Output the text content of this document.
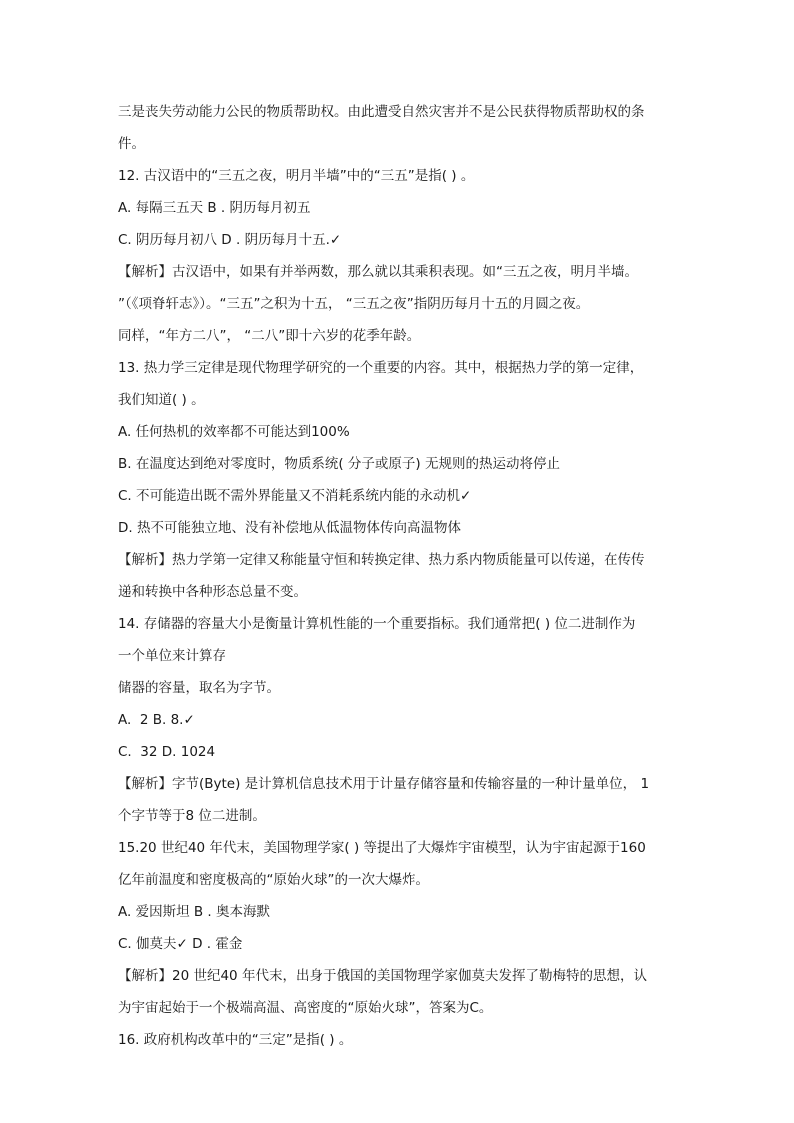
三是丧失劳动能力公民的物质帮助权。由此遭受自然灾害并不是公民获得物质帮助权的条
件。
12. 古汉语中的“三五之夜，明月半墙”中的“三五”是指( ) 。
A. 每隔三五天 B . 阴历每月初五
C. 阴历每月初八 D . 阴历每月十五.✓
【解析】古汉语中，如果有并举两数，那么就以其乘积表现。如“三五之夜，明月半墙。
”（《项脊轩志》）。“三五”之积为十五， “三五之夜”指阴历每月十五的月圆之夜。
同样，“年方二八”， “二八”即十六岁的花季年龄。
13. 热力学三定律是现代物理学研究的一个重要的内容。其中，根据热力学的第一定律，
我们知道( ) 。
A. 任何热机的效率都不可能达到100%
B. 在温度达到绝对零度时，物质系统( 分子或原子) 无规则的热运动将停止
C. 不可能造出既不需外界能量又不消耗系统内能的永动机✓
D. 热不可能独立地、没有补偿地从低温物体传向高温物体
【解析】热力学第一定律又称能量守恒和转换定律、热力系内物质能量可以传递，在传传
递和转换中各种形态总量不变。
14. 存储器的容量大小是衡量计算机性能的一个重要指标。我们通常把( ) 位二进制作为
一个单位来计算存
储器的容量，取名为字节。
A.  2 B. 8.✓
C.  32 D. 1024
【解析】字节(Byte) 是计算机信息技术用于计量存储容量和传输容量的一种计量单位， 1
个字节等于8 位二进制。
15.20 世纪40 年代末，美国物理学家( ) 等提出了大爆炸宇宙模型，认为宇宙起源于160
亿年前温度和密度极高的“原始火球”的一次大爆炸。
A. 爱因斯坦 B . 奥本海默
C. 伽莫夫✓ D . 霍金
【解析】20 世纪40 年代末，出身于俄国的美国物理学家伽莫夫发挥了勒梅特的思想，认
为宇宙起始于一个极端高温、高密度的“原始火球”，答案为C。
16. 政府机构改革中的“三定”是指( ) 。
